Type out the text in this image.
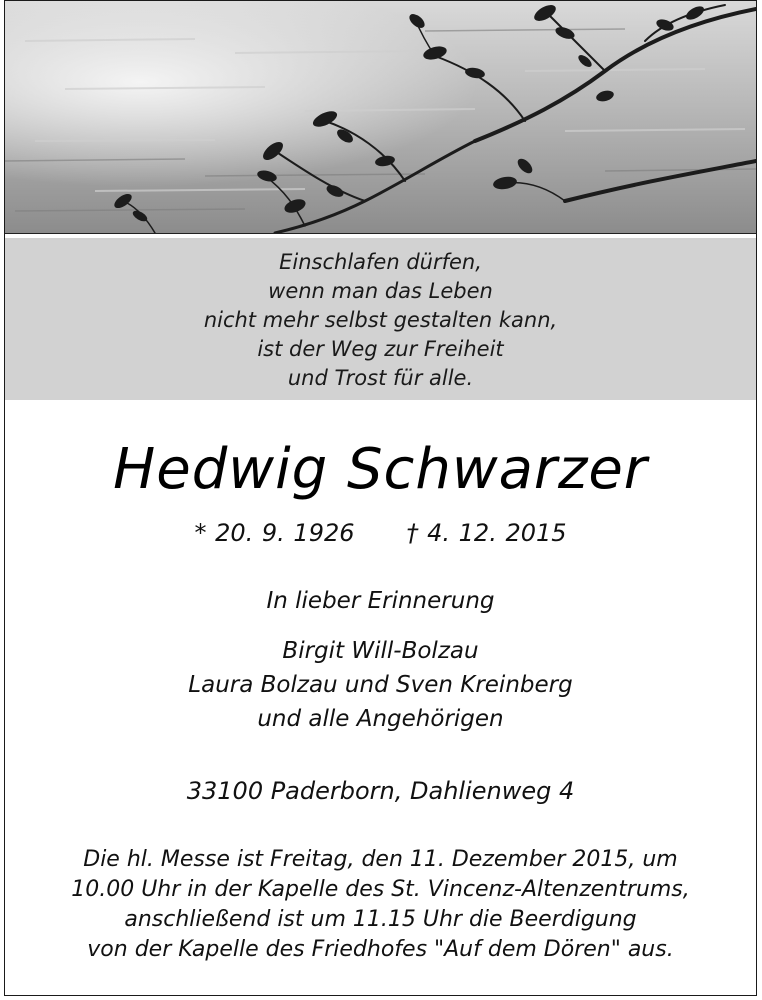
Einschlafen dürfen,
wenn man das Leben
nicht mehr selbst gestalten kann,
ist der Weg zur Freiheit
und Trost für alle.
Hedwig Schwarzer
* 20. 9. 1926 † 4. 12. 2015
In lieber Erinnerung
Birgit Will-Bolzau
Laura Bolzau und Sven Kreinberg
und alle Angehörigen
33100 Paderborn, Dahlienweg 4
Die hl. Messe ist Freitag, den 11. Dezember 2015, um
10.00 Uhr in der Kapelle des St. Vincenz-Altenzentrums,
anschließend ist um 11.15 Uhr die Beerdigung
von der Kapelle des Friedhofes "Auf dem Dören" aus.
